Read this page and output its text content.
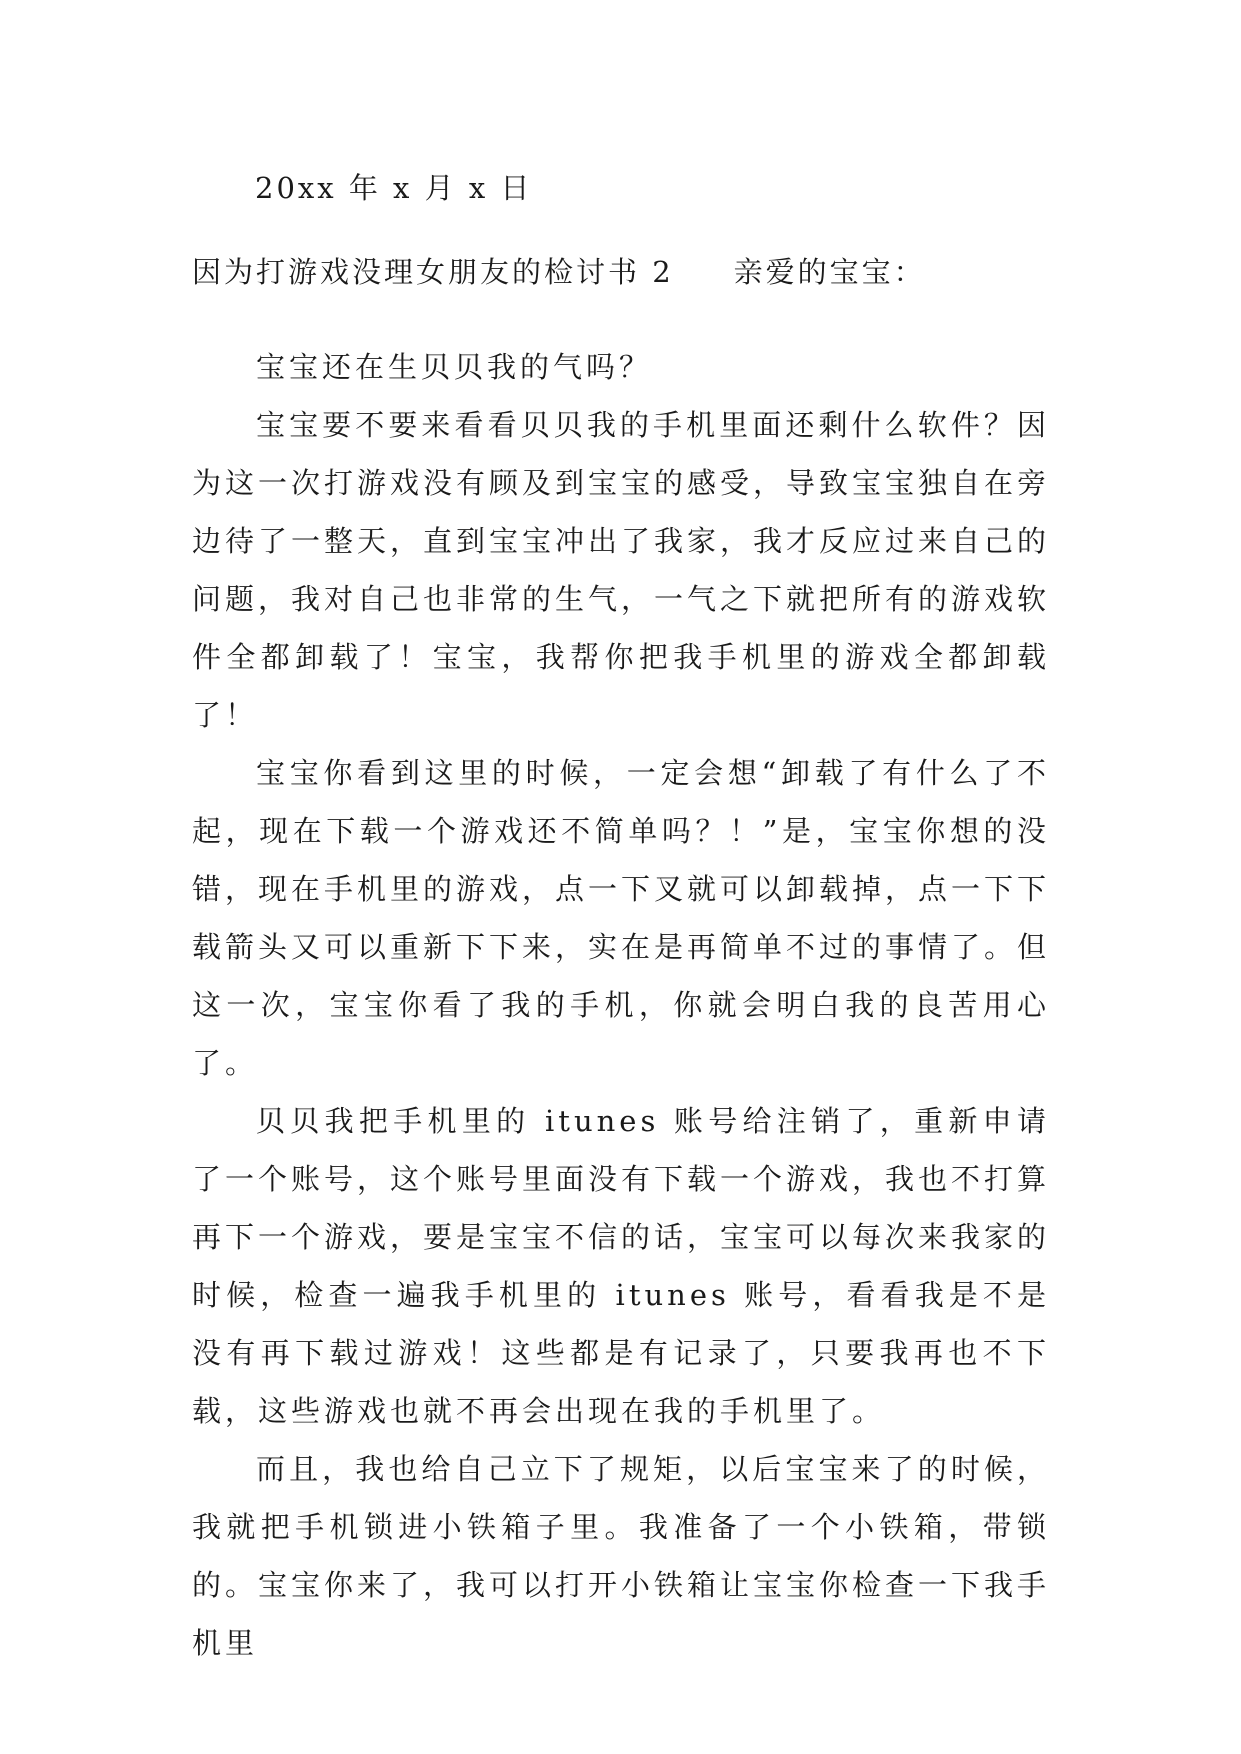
20xx 年 x 月 x 日
因为打游戏没理女朋友的检讨书 2 亲爱的宝宝：

宝宝还在生贝贝我的气吗？

宝宝要不要来看看贝贝我的手机里面还剩什么软件？因为这一次打游戏没有顾及到宝宝的感受，导致宝宝独自在旁边待了一整天，直到宝宝冲出了我家，我才反应过来自己的问题，我对自己也非常的生气，一气之下就把所有的游戏软件全都卸载了！宝宝，我帮你把我手机里的游戏全都卸载了！

宝宝你看到这里的时候，一定会想“卸载了有什么了不起，现在下载一个游戏还不简单吗？！”是，宝宝你想的没错，现在手机里的游戏，点一下叉就可以卸载掉，点一下下载箭头又可以重新下下来，实在是再简单不过的事情了。但这一次，宝宝你看了我的手机，你就会明白我的良苦用心了。

贝贝我把手机里的 itunes 账号给注销了，重新申请了一个账号，这个账号里面没有下载一个游戏，我也不打算再下一个游戏，要是宝宝不信的话，宝宝可以每次来我家的时候，检查一遍我手机里的 itunes 账号，看看我是不是没有再下载过游戏！这些都是有记录了，只要我再也不下载，这些游戏也就不再会出现在我的手机里了。

而且，我也给自己立下了规矩，以后宝宝来了的时候，我就把手机锁进小铁箱子里。我准备了一个小铁箱，带锁的。宝宝你来了，我可以打开小铁箱让宝宝你检查一下我手机里
